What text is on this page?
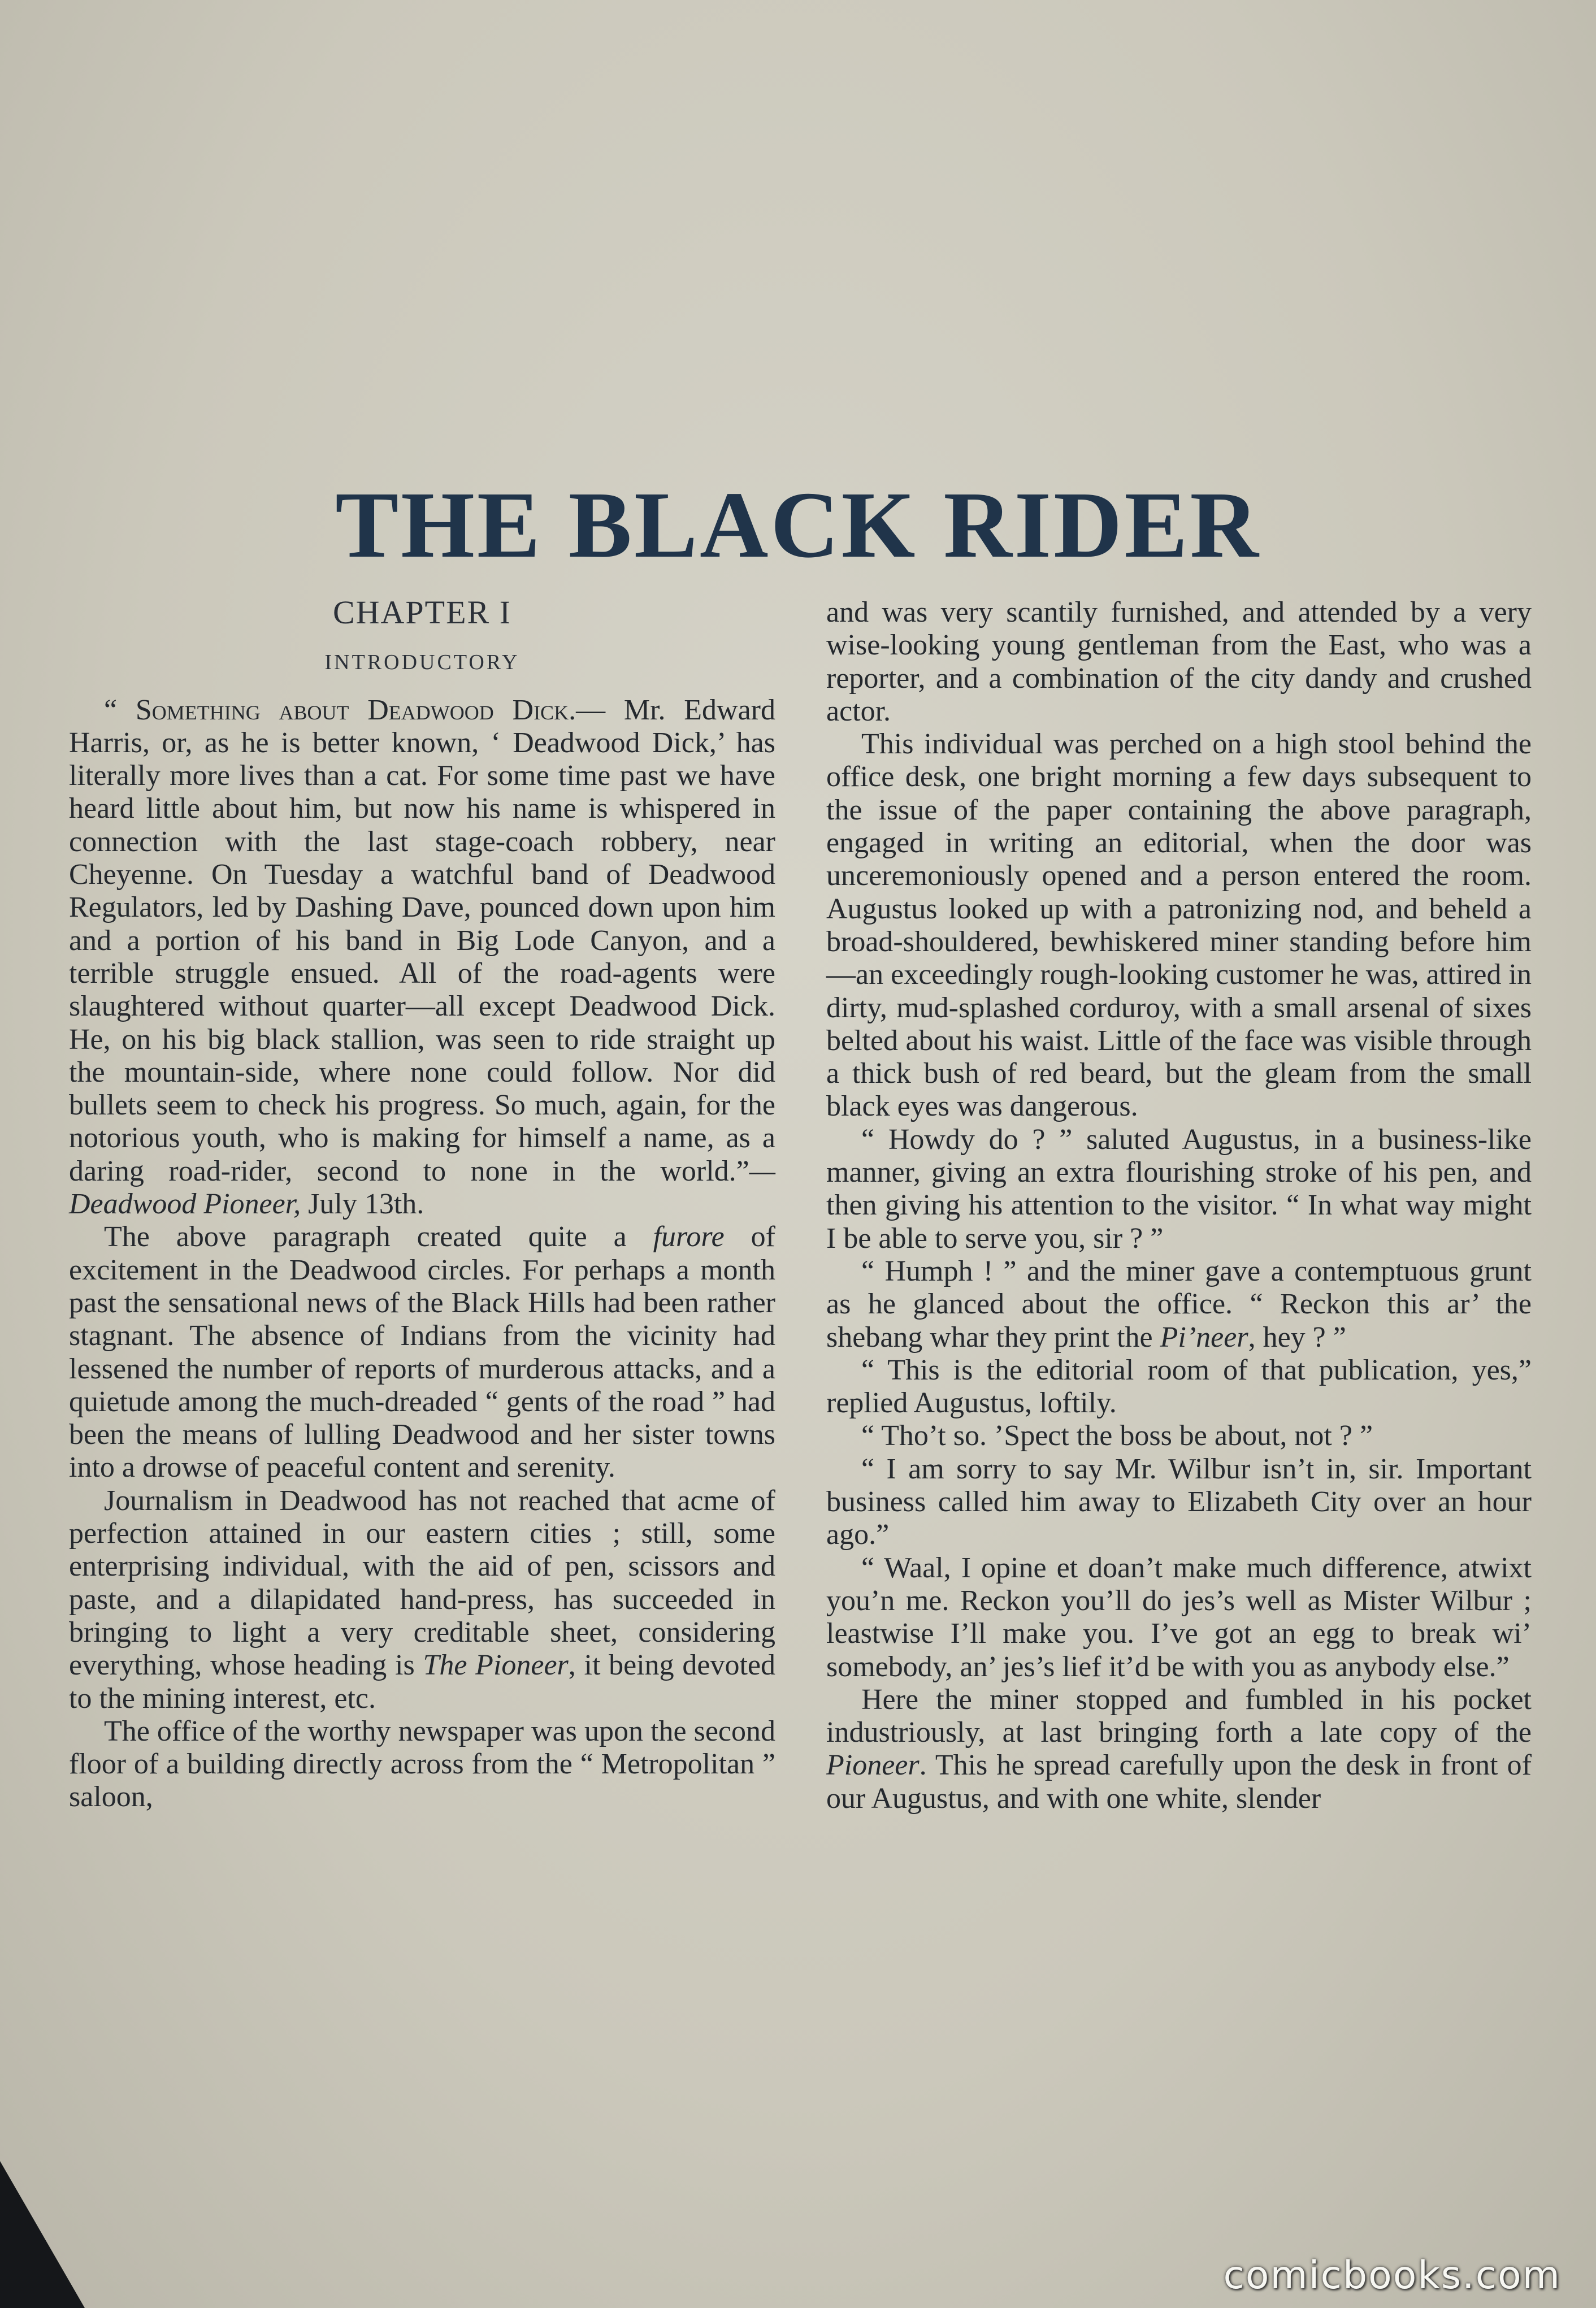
THE BLACK RIDER
CHAPTER I
INTRODUCTORY

“ Something about Deadwood Dick.— Mr. Edward Harris, or, as he is better known, ‘ Deadwood Dick,’ has literally more lives than a cat. For some time past we have heard little about him, but now his name is whispered in connection with the last stage-coach robbery, near Cheyenne. On Tuesday a watchful band of Deadwood Regulators, led by Dashing Dave, pounced down upon him and a portion of his band in Big Lode Canyon, and a terrible struggle ensued. All of the road-agents were slaughtered without quarter—all except Deadwood Dick. He, on his big black stallion, was seen to ride straight up the mountain-side, where none could follow. Nor did bullets seem to check his progress. So much, again, for the notorious youth, who is making for himself a name, as a daring road-rider, second to none in the world.”—Deadwood Pioneer, July 13th.

The above paragraph created quite a furore of excitement in the Deadwood circles. For perhaps a month past the sensational news of the Black Hills had been rather stagnant. The absence of Indians from the vicinity had lessened the number of reports of murderous attacks, and a quietude among the much-dreaded “ gents of the road ” had been the means of lulling Deadwood and her sister towns into a drowse of peaceful content and serenity.

Journalism in Deadwood has not reached that acme of perfection attained in our eastern cities ; still, some enterprising individual, with the aid of pen, scissors and paste, and a dilapidated hand-press, has succeeded in bringing to light a very creditable sheet, considering everything, whose heading is The Pioneer, it being devoted to the mining interest, etc.

The office of the worthy newspaper was upon the second floor of a building directly across from the “ Metropolitan ” saloon,

and was very scantily furnished, and attended by a very wise-looking young gentleman from the East, who was a reporter, and a combination of the city dandy and crushed actor.

This individual was perched on a high stool behind the office desk, one bright morning a few days subsequent to the issue of the paper containing the above paragraph, engaged in writing an editorial, when the door was unceremoniously opened and a person entered the room. Augustus looked up with a patronizing nod, and beheld a broad-shouldered, bewhiskered miner standing before him—an exceedingly rough-looking customer he was, attired in dirty, mud-splashed corduroy, with a small arsenal of sixes belted about his waist. Little of the face was visible through a thick bush of red beard, but the gleam from the small black eyes was dangerous.

“ Howdy do ? ” saluted Augustus, in a business-like manner, giving an extra flourishing stroke of his pen, and then giving his attention to the visitor. “ In what way might I be able to serve you, sir ? ”

“ Humph ! ” and the miner gave a contemptuous grunt as he glanced about the office. “ Reckon this ar’ the shebang whar they print the Pi’neer, hey ? ”

“ This is the editorial room of that publication, yes,” replied Augustus, loftily.

“ Tho’t so. ’Spect the boss be about, not ? ”

“ I am sorry to say Mr. Wilbur isn’t in, sir. Important business called him away to Elizabeth City over an hour ago.”

“ Waal, I opine et doan’t make much difference, atwixt you’n me. Reckon you’ll do jes’s well as Mister Wilbur ; leastwise I’ll make you. I’ve got an egg to break wi’ somebody, an’ jes’s lief it’d be with you as anybody else.”

Here the miner stopped and fumbled in his pocket industriously, at last bringing forth a late copy of the Pioneer. This he spread carefully upon the desk in front of our Augustus, and with one white, slender

comicbooks.com
